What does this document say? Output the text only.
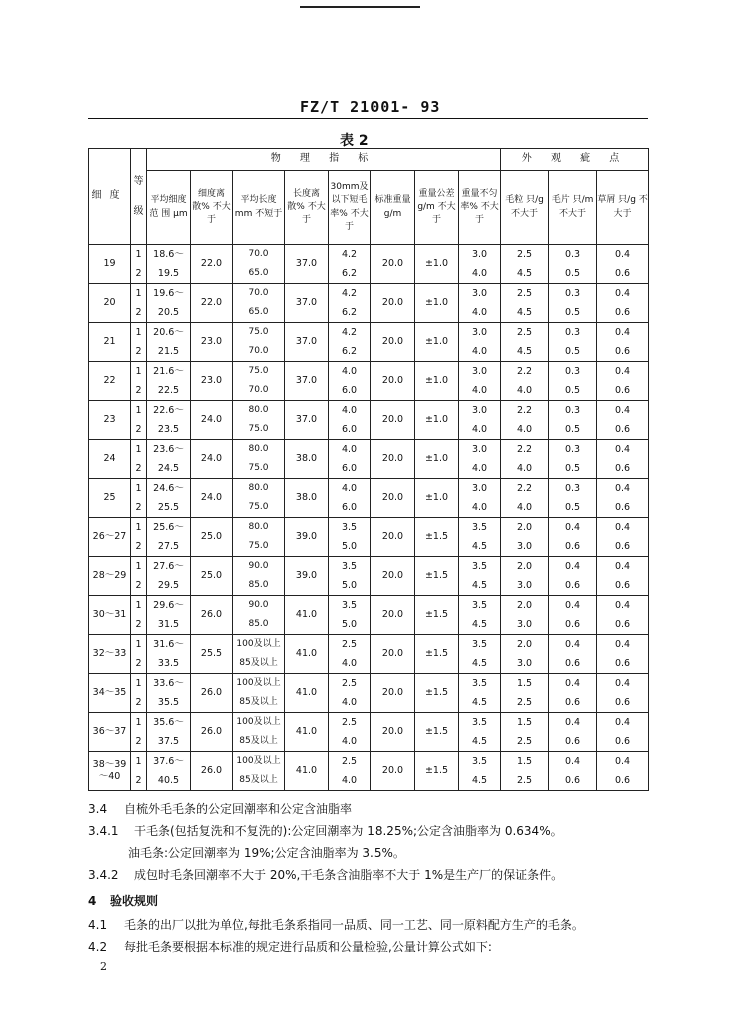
FZ/T 21001- 93
表 2
细度	等级	物 理 指 标								外 观 疵 点		
		平均细度范 围 μm	细度离散% 不大于	平均长度 mm 不短于	长度离散% 不大于	30mm及以下短毛率% 不大于	标准重量 g/m	重量公差 g/m 不大于	重量不匀率% 不大于	毛粒 只/g 不大于	毛片 只/m 不大于	草屑 只/g 不大于
19	1	18.6～	22.0	70.0	37.0	4.2	20.0	±1.0	3.0	2.5	0.3	0.4
	2	19.5		65.0		6.2			4.0	4.5	0.5	0.6
20	1	19.6～	22.0	70.0	37.0	4.2	20.0	±1.0	3.0	2.5	0.3	0.4
	2	20.5		65.0		6.2			4.0	4.5	0.5	0.6
21	1	20.6～	23.0	75.0	37.0	4.2	20.0	±1.0	3.0	2.5	0.3	0.4
	2	21.5		70.0		6.2			4.0	4.5	0.5	0.6
22	1	21.6～	23.0	75.0	37.0	4.0	20.0	±1.0	3.0	2.2	0.3	0.4
	2	22.5		70.0		6.0			4.0	4.0	0.5	0.6
23	1	22.6～	24.0	80.0	37.0	4.0	20.0	±1.0	3.0	2.2	0.3	0.4
	2	23.5		75.0		6.0			4.0	4.0	0.5	0.6
24	1	23.6～	24.0	80.0	38.0	4.0	20.0	±1.0	3.0	2.2	0.3	0.4
	2	24.5		75.0		6.0			4.0	4.0	0.5	0.6
25	1	24.6～	24.0	80.0	38.0	4.0	20.0	±1.0	3.0	2.2	0.3	0.4
	2	25.5		75.0		6.0			4.0	4.0	0.5	0.6
26～27	1	25.6～	25.0	80.0	39.0	3.5	20.0	±1.5	3.5	2.0	0.4	0.4
	2	27.5		75.0		5.0			4.5	3.0	0.6	0.6
28～29	1	27.6～	25.0	90.0	39.0	3.5	20.0	±1.5	3.5	2.0	0.4	0.4
	2	29.5		85.0		5.0			4.5	3.0	0.6	0.6
30～31	1	29.6～	26.0	90.0	41.0	3.5	20.0	±1.5	3.5	2.0	0.4	0.4
	2	31.5		85.0		5.0			4.5	3.0	0.6	0.6
32～33	1	31.6～	25.5	100及以上	41.0	2.5	20.0	±1.5	3.5	2.0	0.4	0.4
	2	33.5		85及以上		4.0			4.5	3.0	0.6	0.6
34～35	1	33.6～	26.0	100及以上	41.0	2.5	20.0	±1.5	3.5	1.5	0.4	0.4
	2	35.5		85及以上		4.0			4.5	2.5	0.6	0.6
36～37	1	35.6～	26.0	100及以上	41.0	2.5	20.0	±1.5	3.5	1.5	0.4	0.4
	2	37.5		85及以上		4.0			4.5	2.5	0.6	0.6
38～39
～40	1	37.6～	26.0	100及以上	41.0	2.5	20.0	±1.5	3.5	1.5	0.4	0.4
	2	40.5		85及以上		4.0			4.5	2.5	0.6	0.6
3.4 自梳外毛毛条的公定回潮率和公定含油脂率
3.4.1 干毛条(包括复洗和不复洗的):公定回潮率为 18.25%;公定含油脂率为 0.634%。
油毛条:公定回潮率为 19%;公定含油脂率为 3.5%。
3.4.2 成包时毛条回潮率不大于 20%,干毛条含油脂率不大于 1%是生产厂的保证条件。
4 验收规则
4.1 毛条的出厂以批为单位,每批毛条系指同一品质、同一工艺、同一原料配方生产的毛条。
4.2 每批毛条要根据本标准的规定进行品质和公量检验,公量计算公式如下:
2
